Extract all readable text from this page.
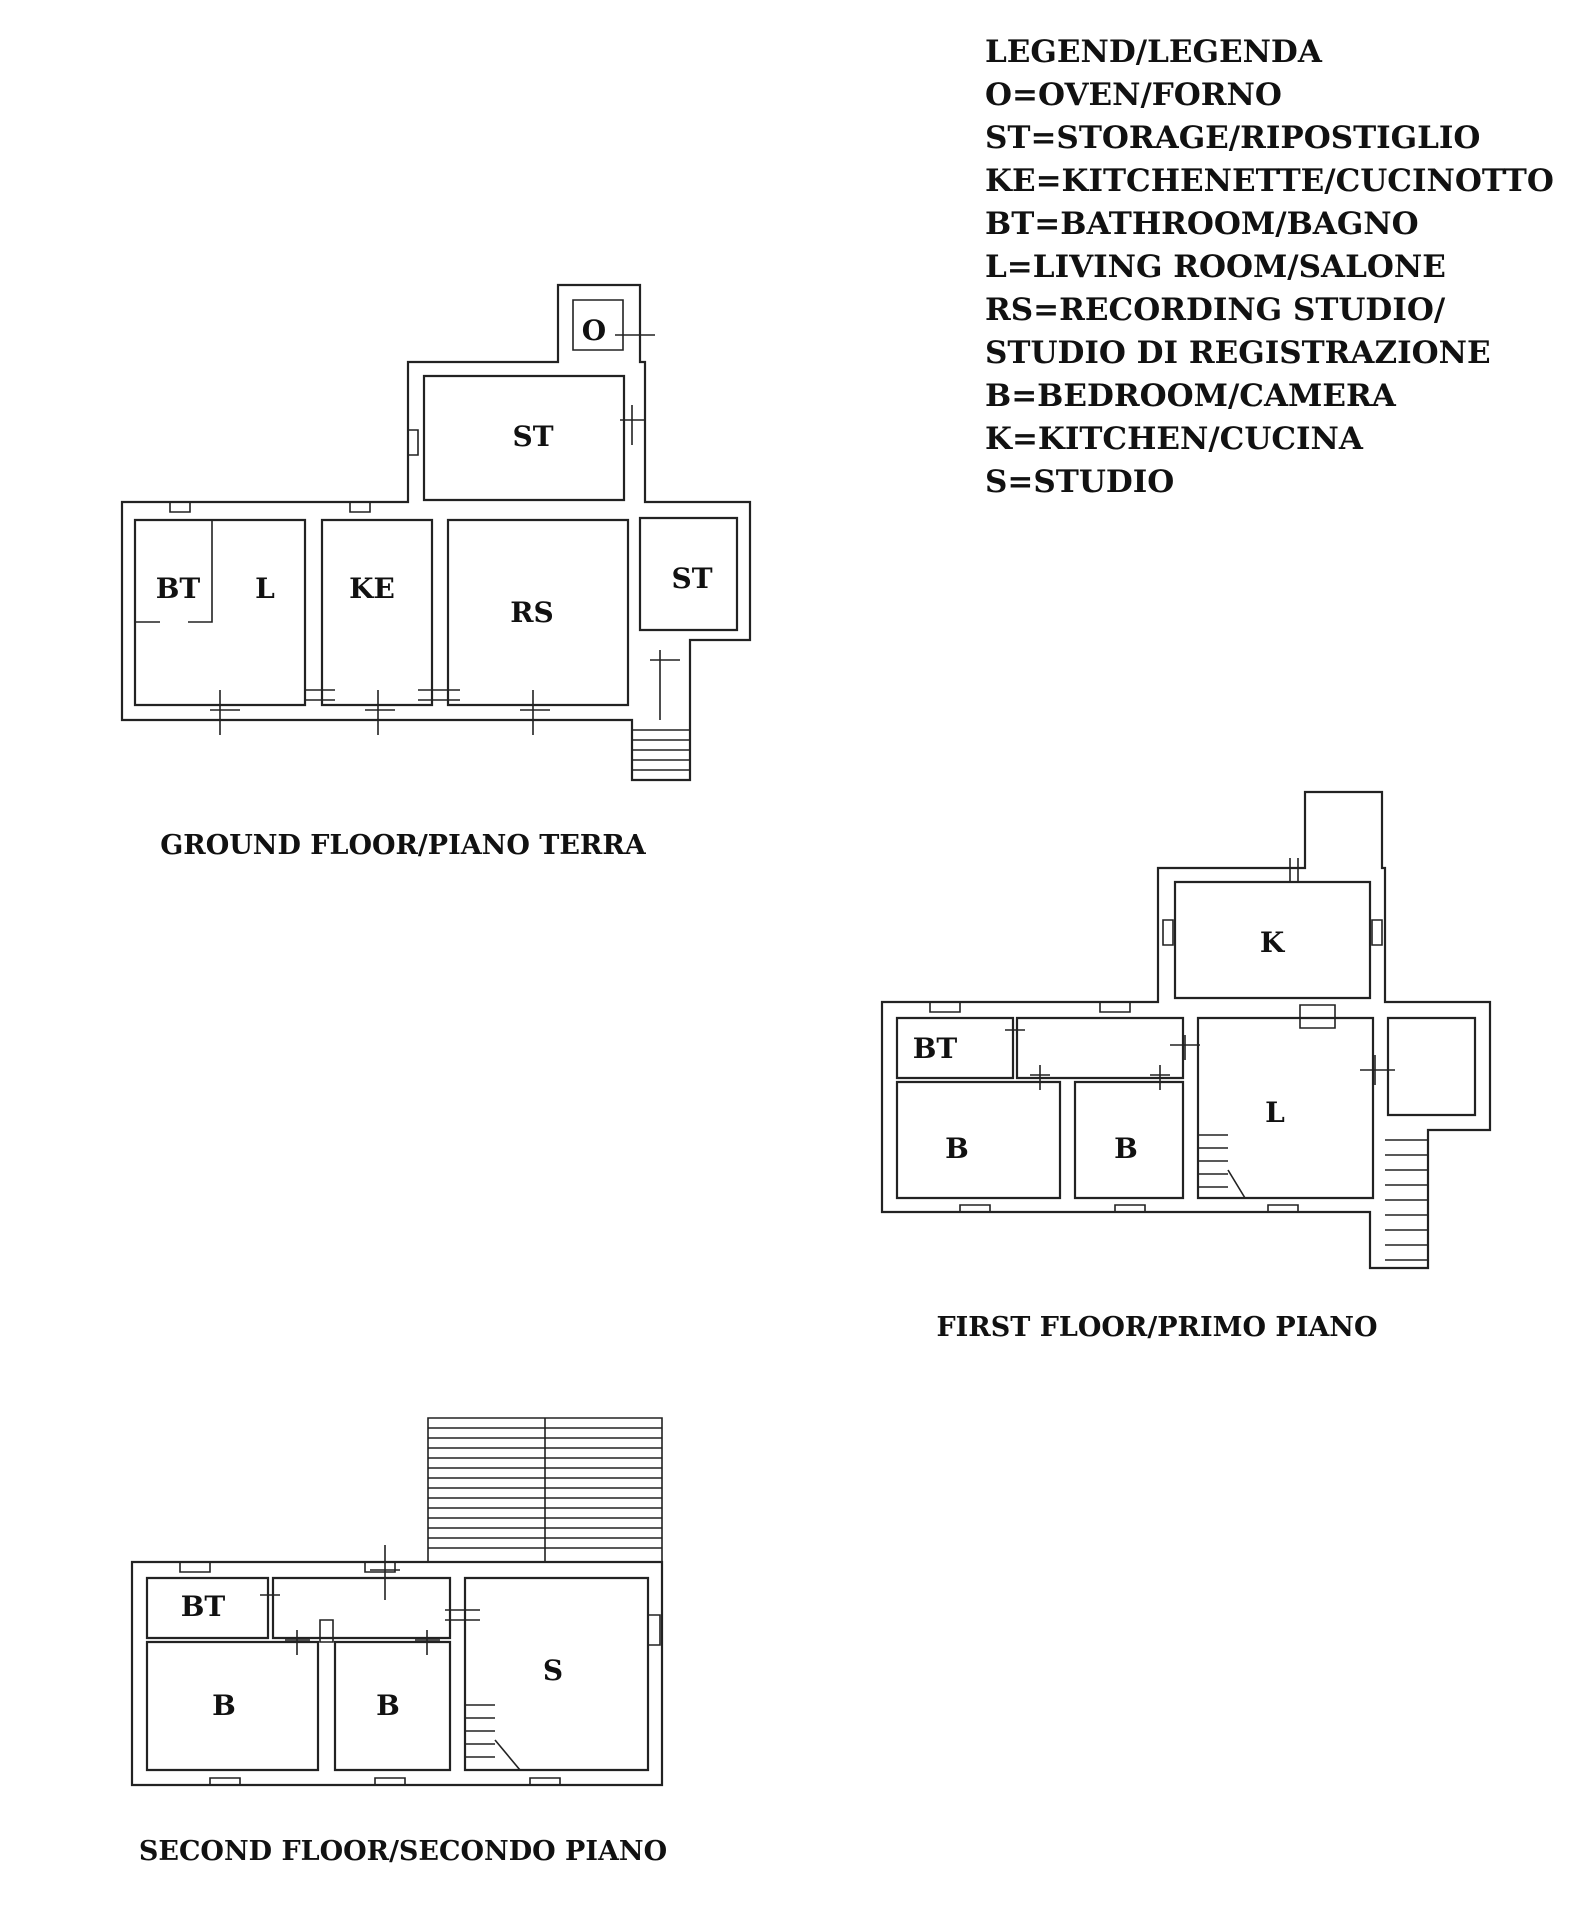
LEGEND/LEGENDA
O=OVEN/FORNO
ST=STORAGE/RIPOSTIGLIO
KE=KITCHENETTE/CUCINOTTO
BT=BATHROOM/BAGNO
L=LIVING ROOM/SALONE
RS=RECORDING STUDIO/
STUDIO DI REGISTRAZIONE
B=BEDROOM/CAMERA
K=KITCHEN/CUCINA
S=STUDIO
O
ST
BT L	KE
RS
ST
GROUND FLOOR/PIANO TERRA
K
BT
B	B
L
FIRST FLOOR/PRIMO PIANO
BT
B	B
S
SECOND FLOOR/SECONDO PIANO
